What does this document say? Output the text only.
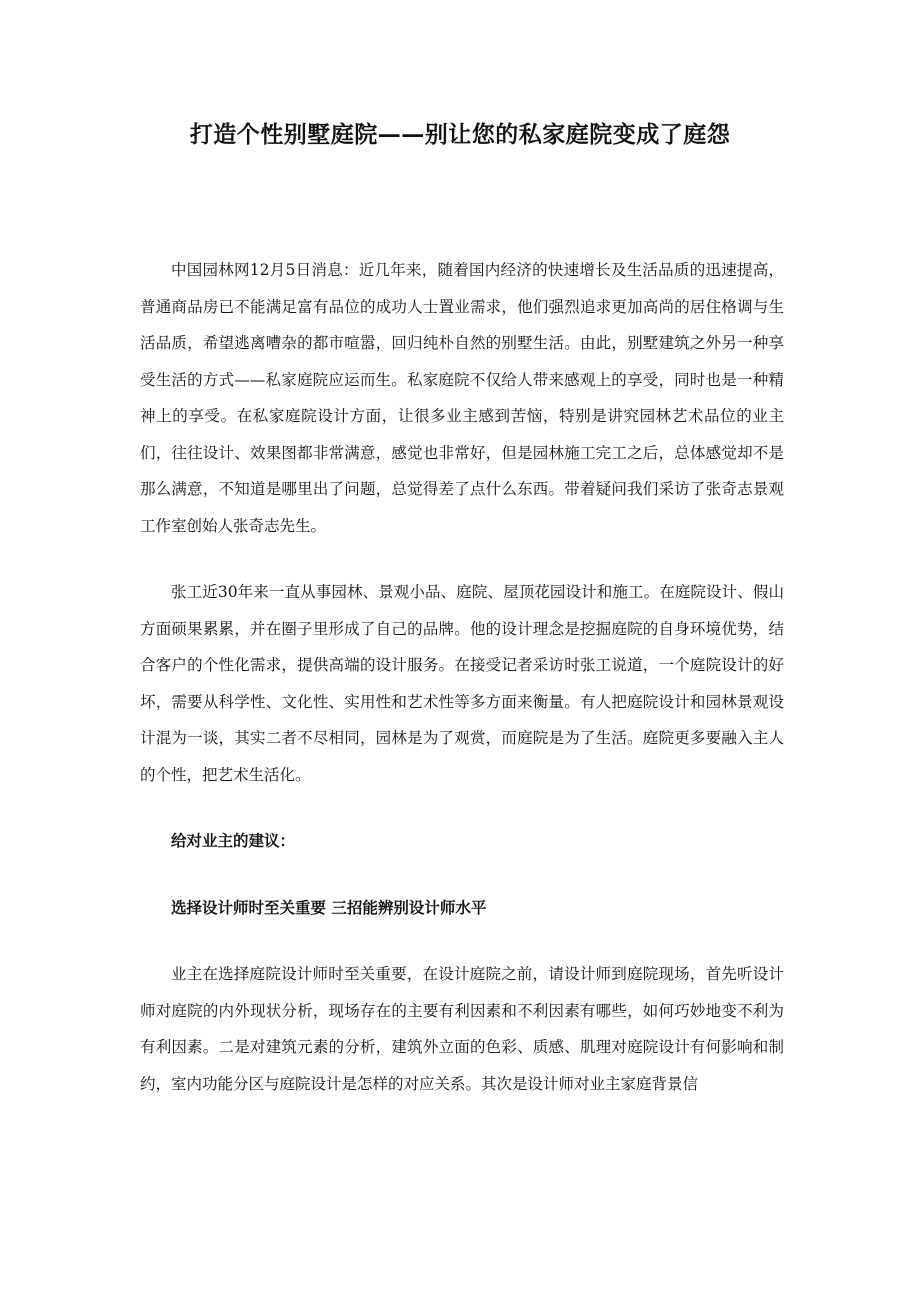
打造个性别墅庭院——别让您的私家庭院变成了庭怨

中国园林网12月5日消息：近几年来，随着国内经济的快速增长及生活品质的迅速提高，普通商品房已不能满足富有品位的成功人士置业需求，他们强烈追求更加高尚的居住格调与生活品质，希望逃离嘈杂的都市喧嚣，回归纯朴自然的别墅生活。由此，别墅建筑之外另一种享受生活的方式——私家庭院应运而生。私家庭院不仅给人带来感观上的享受，同时也是一种精神上的享受。在私家庭院设计方面，让很多业主感到苦恼，特别是讲究园林艺术品位的业主们，往往设计、效果图都非常满意，感觉也非常好，但是园林施工完工之后，总体感觉却不是那么满意，不知道是哪里出了问题，总觉得差了点什么东西。带着疑问我们采访了张奇志景观工作室创始人张奇志先生。

张工近30年来一直从事园林、景观小品、庭院、屋顶花园设计和施工。在庭院设计、假山方面硕果累累，并在圈子里形成了自己的品牌。他的设计理念是挖掘庭院的自身环境优势，结合客户的个性化需求，提供高端的设计服务。在接受记者采访时张工说道，一个庭院设计的好坏，需要从科学性、文化性、实用性和艺术性等多方面来衡量。有人把庭院设计和园林景观设计混为一谈，其实二者不尽相同，园林是为了观赏，而庭院是为了生活。庭院更多要融入主人的个性，把艺术生活化。

给对业主的建议：

选择设计师时至关重要 三招能辨别设计师水平

业主在选择庭院设计师时至关重要，在设计庭院之前，请设计师到庭院现场，首先听设计师对庭院的内外现状分析，现场存在的主要有利因素和不利因素有哪些，如何巧妙地变不利为有利因素。二是对建筑元素的分析，建筑外立面的色彩、质感、肌理对庭院设计有何影响和制约，室内功能分区与庭院设计是怎样的对应关系。其次是设计师对业主家庭背景信
